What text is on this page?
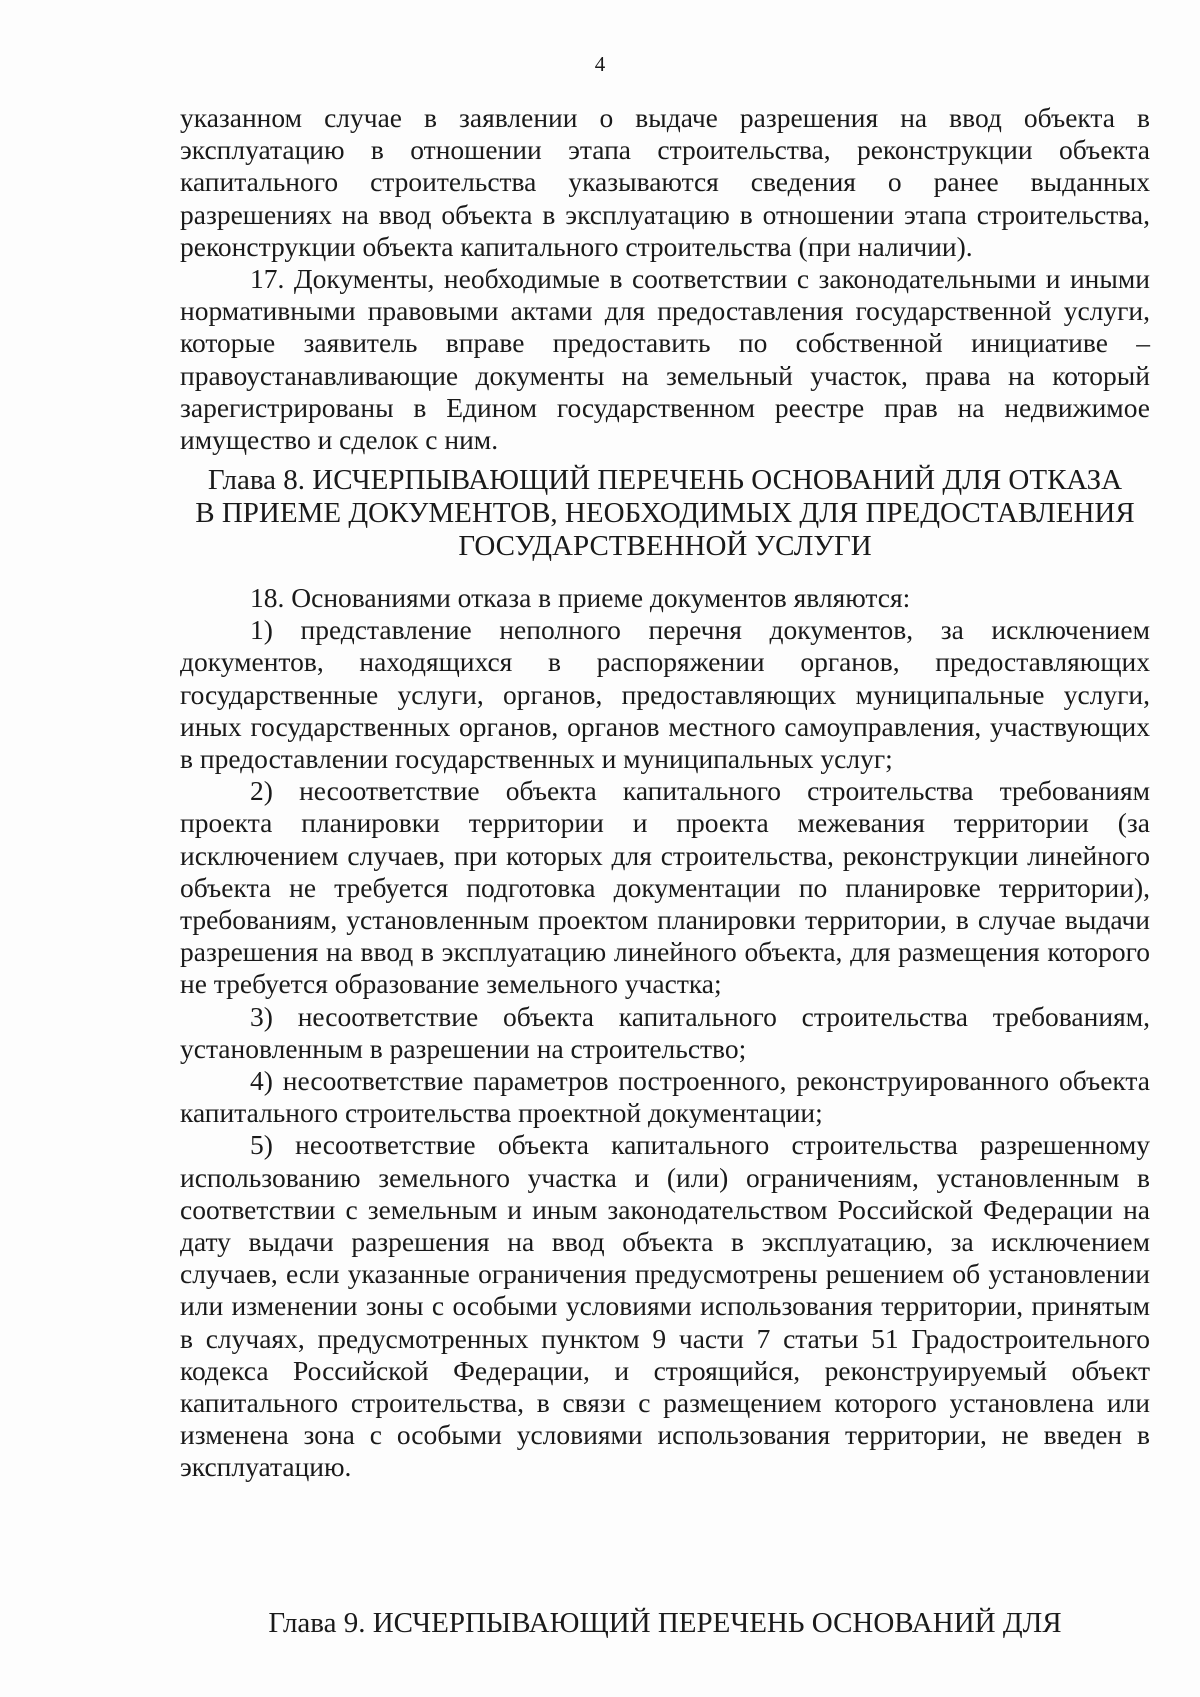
4

указанном случае в заявлении о выдаче разрешения на ввод объекта в эксплуатацию в отношении этапа строительства, реконструкции объекта капитального строительства указываются сведения о ранее выданных разрешениях на ввод объекта в эксплуатацию в отношении этапа строительства, реконструкции объекта капитального строительства (при наличии).

17. Документы, необходимые в соответствии с законодательными и иными нормативными правовыми актами для предоставления государственной услуги, которые заявитель вправе предоставить по собственной инициативе – правоустанавливающие документы на земельный участок, права на который зарегистрированы в Едином государственном реестре прав на недвижимое имущество и сделок с ним.

Глава 8. ИСЧЕРПЫВАЮЩИЙ ПЕРЕЧЕНЬ ОСНОВАНИЙ ДЛЯ ОТКАЗА

В ПРИЕМЕ ДОКУМЕНТОВ, НЕОБХОДИМЫХ ДЛЯ ПРЕДОСТАВЛЕНИЯ

ГОСУДАРСТВЕННОЙ УСЛУГИ

18. Основаниями отказа в приеме документов являются:

1) представление неполного перечня документов, за исключением документов, находящихся в распоряжении органов, предоставляющих государственные услуги, органов, предоставляющих муниципальные услуги, иных государственных органов, органов местного самоуправления, участвующих в предоставлении государственных и муниципальных услуг;

2) несоответствие объекта капитального строительства требованиям проекта планировки территории и проекта межевания территории (за исключением случаев, при которых для строительства, реконструкции линейного объекта не требуется подготовка документации по планировке территории), требованиям, установленным проектом планировки территории, в случае выдачи разрешения на ввод в эксплуатацию линейного объекта, для размещения которого не требуется образование земельного участка;

3) несоответствие объекта капитального строительства требованиям, установленным в разрешении на строительство;

4) несоответствие параметров построенного, реконструированного объекта капитального строительства проектной документации;

5) несоответствие объекта капитального строительства разрешенному использованию земельного участка и (или) ограничениям, установленным в соответствии с земельным и иным законодательством Российской Федерации на дату выдачи разрешения на ввод объекта в эксплуатацию, за исключением случаев, если указанные ограничения предусмотрены решением об установлении или изменении зоны с особыми условиями использования территории, принятым в случаях, предусмотренных пунктом 9 части 7 статьи 51 Градостроительного кодекса Российской Федерации, и строящийся, реконструируемый объект капитального строительства, в связи с размещением которого установлена или изменена зона с особыми условиями использования территории, не введен в эксплуатацию.

Глава 9. ИСЧЕРПЫВАЮЩИЙ ПЕРЕЧЕНЬ ОСНОВАНИЙ ДЛЯ
